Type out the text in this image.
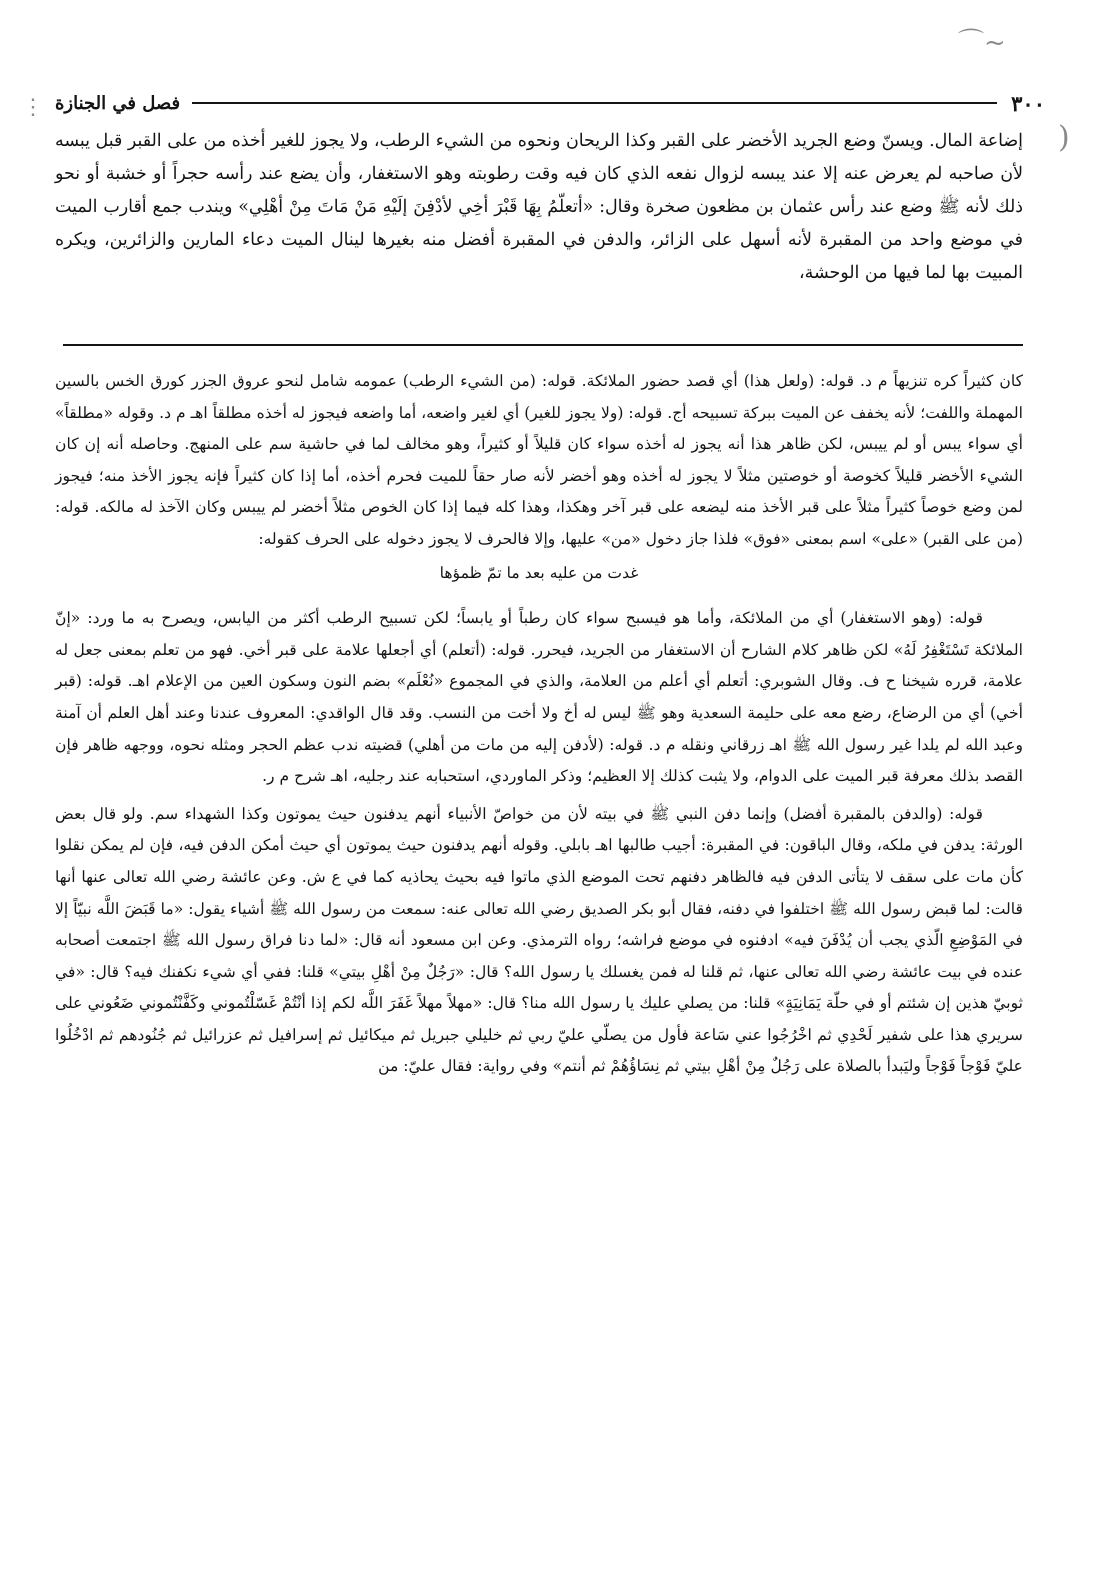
⌒~
⋮
)
٣٠٠
فصل في الجنازة

إضاعة المال. ويسنّ وضع الجريد الأخضر على القبر وكذا الريحان ونحوه من الشيء الرطب، ولا يجوز للغير أخذه من على القبر قبل يبسه لأن صاحبه لم يعرض عنه إلا عند يبسه لزوال نفعه الذي كان فيه وقت رطوبته وهو الاستغفار، وأن يضع عند رأسه حجراً أو خشبة أو نحو ذلك لأنه ﷺ وضع عند رأس عثمان بن مظعون صخرة وقال: «أتعلّمُ بِهَا قَبْرَ أخِي لأدْفِنَ إلَيْهِ مَنْ مَاتَ مِنْ أهْلِي» ويندب جمع أقارب الميت في موضع واحد من المقبرة لأنه أسهل على الزائر، والدفن في المقبرة أفضل منه بغيرها لينال الميت دعاء المارين والزائرين، ويكره المبيت بها لما فيها من الوحشة،

كان كثيراً كره تنزيهاً م د. قوله: (ولعل هذا) أي قصد حضور الملائكة. قوله: (من الشيء الرطب) عمومه شامل لنحو عروق الجزر كورق الخس بالسين المهملة واللفت؛ لأنه يخفف عن الميت ببركة تسبيحه أج. قوله: (ولا يجوز للغير) أي لغير واضعه، أما واضعه فيجوز له أخذه مطلقاً اهـ م د. وقوله «مطلقاً» أي سواء يبس أو لم ييبس، لكن ظاهر هذا أنه يجوز له أخذه سواء كان قليلاً أو كثيراً، وهو مخالف لما في حاشية سم على المنهج. وحاصله أنه إن كان الشيء الأخضر قليلاً كخوصة أو خوصتين مثلاً لا يجوز له أخذه وهو أخضر لأنه صار حقاً للميت فحرم أخذه، أما إذا كان كثيراً فإنه يجوز الأخذ منه؛ فيجوز لمن وضع خوصاً كثيراً مثلاً على قبر الأخذ منه ليضعه على قبر آخر وهكذا، وهذا كله فيما إذا كان الخوص مثلاً أخضر لم ييبس وكان الآخذ له مالكه. قوله: (من على القبر) «على» اسم بمعنى «فوق» فلذا جاز دخول «من» عليها، وإلا فالحرف لا يجوز دخوله على الحرف كقوله:

غدت من عليه بعد ما تمّ ظمؤها

قوله: (وهو الاستغفار) أي من الملائكة، وأما هو فيسبح سواء كان رطباً أو يابساً؛ لكن تسبيح الرطب أكثر من اليابس، ويصرح به ما ورد: «إنّ الملائكة تَسْتَغْفِرُ لَهُ» لكن ظاهر كلام الشارح أن الاستغفار من الجريد، فيحرر. قوله: (أتعلم) أي أجعلها علامة على قبر أخي. فهو من تعلم بمعنى جعل له علامة، قرره شيخنا ح ف. وقال الشوبري: أتعلم أي أعلم من العلامة، والذي في المجموع «نُعْلَم» بضم النون وسكون العين من الإعلام اهـ. قوله: (قبر أخي) أي من الرضاع، رضع معه على حليمة السعدية وهو ﷺ ليس له أخ ولا أخت من النسب. وقد قال الواقدي: المعروف عندنا وعند أهل العلم أن آمنة وعبد الله لم يلدا غير رسول الله ﷺ اهـ زرقاني ونقله م د. قوله: (لأدفن إليه من مات من أهلي) قضيته ندب عظم الحجر ومثله نحوه، ووجهه ظاهر فإن القصد بذلك معرفة قبر الميت على الدوام، ولا يثبت كذلك إلا العظيم؛ وذكر الماوردي، استحبابه عند رجليه، اهـ شرح م ر.

قوله: (والدفن بالمقبرة أفضل) وإنما دفن النبي ﷺ في بيته لأن من خواصّ الأنبياء أنهم يدفنون حيث يموتون وكذا الشهداء سم. ولو قال بعض الورثة: يدفن في ملكه، وقال الباقون: في المقبرة: أجيب طالبها اهـ بابلي. وقوله أنهم يدفنون حيث يموتون أي حيث أمكن الدفن فيه، فإن لم يمكن نقلوا كأن مات على سقف لا يتأتى الدفن فيه فالظاهر دفنهم تحت الموضع الذي ماتوا فيه بحيث يحاذيه كما في ع ش. وعن عائشة رضي الله تعالى عنها أنها قالت: لما قبض رسول الله ﷺ اختلفوا في دفنه، فقال أبو بكر الصديق رضي الله تعالى عنه: سمعت من رسول الله ﷺ أشياء يقول: «ما قَبَضَ اللَّه نبيّاً إلا في المَوْضِعِ الّذي يجب أن يُدْفَنَ فيه» ادفنوه في موضع فراشه؛ رواه الترمذي. وعن ابن مسعود أنه قال: «لما دنا فراق رسول الله ﷺ اجتمعت أصحابه عنده في بيت عائشة رضي الله تعالى عنها، ثم قلنا له فمن يغسلك يا رسول الله؟ قال: «رَجُلٌ مِنْ أهْلِ بيتي» قلنا: ففي أي شيء نكفنك فيه؟ قال: «في ثوبيّ هذين إن شئتم أو في حلّة يَمَانِيَةٍ» قلنا: من يصلي عليك يا رسول الله منا؟ قال: «مهلاً مهلاً غَفَرَ اللَّه لكم إذا أنْتُمْ غَسّلْتُموني وكَفَّنْتُموني ضَعُوني على سريري هذا على شفير لَحْدِي ثم اخْرُجُوا عني سَاعة فأول من يصلّي عليّ ربي ثم خليلي جبريل ثم ميكائيل ثم إسرافيل ثم عزرائيل ثم جُنُودهم ثم ادْخُلُوا عليّ فَوْجاً فَوْجاً وليَبدأ بالصلاة على رَجُلٌ مِنْ أهْلِ بيتي ثم نِسَاؤُهُمْ ثم أنتم» وفي رواية: فقال عليّ: من
